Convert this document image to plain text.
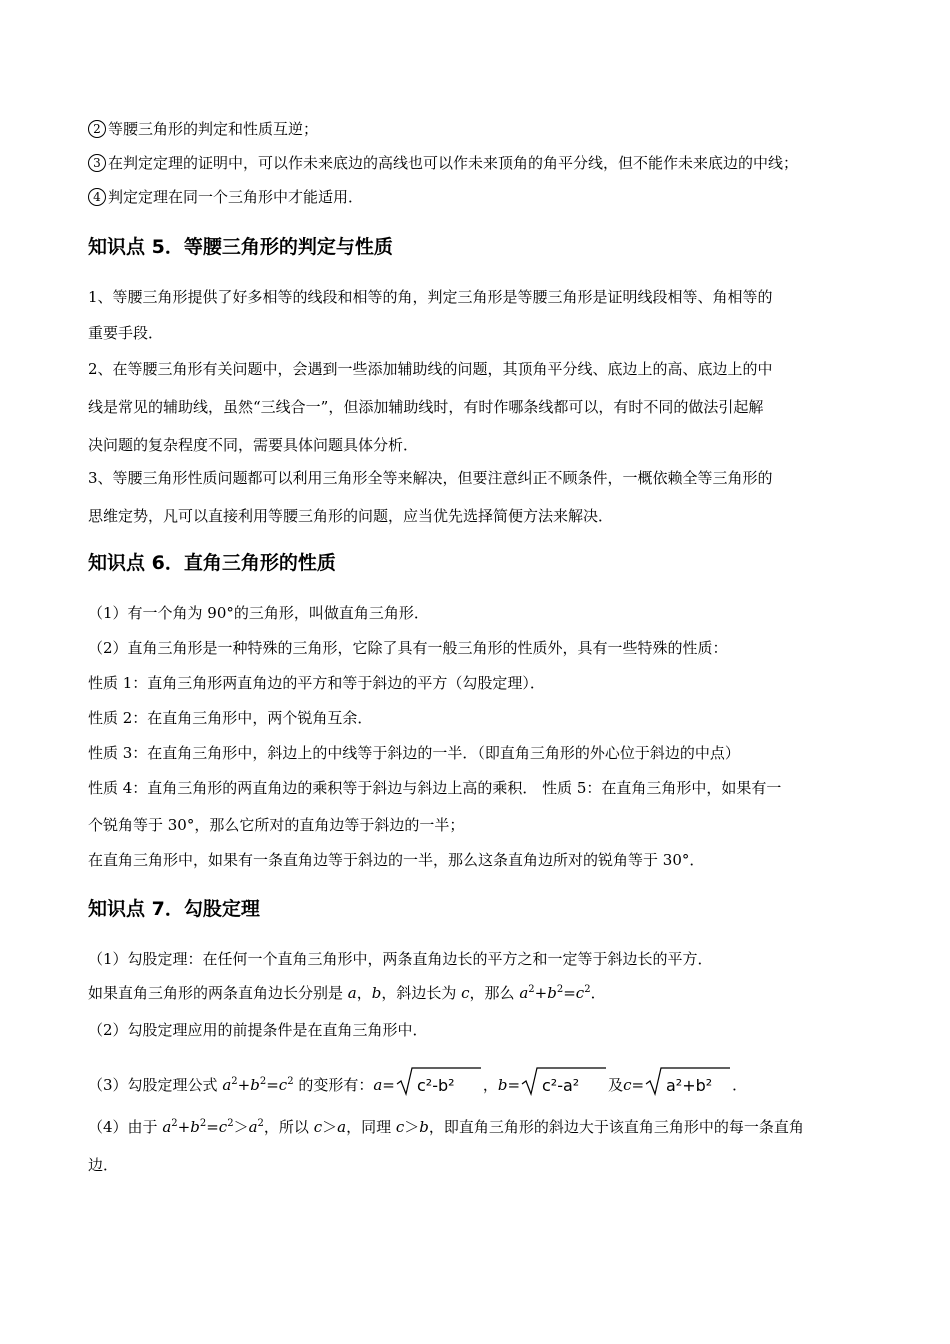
2 等腰三角形的判定和性质互逆；
3 在判定定理的证明中，可以作未来底边的高线也可以作未来顶角的角平分线，但不能作未来底边的中线；
4 判定定理在同一个三角形中才能适用．
知识点 5．等腰三角形的判定与性质
1、等腰三角形提供了好多相等的线段和相等的角，判定三角形是等腰三角形是证明线段相等、角相等的
重要手段．
2、在等腰三角形有关问题中，会遇到一些添加辅助线的问题，其顶角平分线、底边上的高、底边上的中
线是常见的辅助线，虽然“三线合一”，但添加辅助线时，有时作哪条线都可以，有时不同的做法引起解
决问题的复杂程度不同，需要具体问题具体分析．
3、等腰三角形性质问题都可以利用三角形全等来解决，但要注意纠正不顾条件，一概依赖全等三角形的
思维定势，凡可以直接利用等腰三角形的问题，应当优先选择简便方法来解决．
知识点 6．直角三角形的性质
（1）有一个角为 90°的三角形，叫做直角三角形．
（2）直角三角形是一种特殊的三角形，它除了具有一般三角形的性质外，具有一些特殊的性质：
性质 1：直角三角形两直角边的平方和等于斜边的平方（勾股定理）．
性质 2：在直角三角形中，两个锐角互余．
性质 3：在直角三角形中，斜边上的中线等于斜边的一半．（即直角三角形的外心位于斜边的中点）
性质 4：直角三角形的两直角边的乘积等于斜边与斜边上高的乘积． 性质 5：在直角三角形中，如果有一
个锐角等于 30°，那么它所对的直角边等于斜边的一半；
在直角三角形中，如果有一条直角边等于斜边的一半，那么这条直角边所对的锐角等于 30°．
知识点 7．勾股定理
（1）勾股定理：在任何一个直角三角形中，两条直角边长的平方之和一定等于斜边长的平方．
如果直角三角形的两条直角边长分别是 a，b，斜边长为 c，那么 $a^2+b^2=c^2$．
（2）勾股定理应用的前提条件是在直角三角形中．
（3）勾股定理公式 $a^2+b^2=c^2$ 的变形有：a= c²-b² ，b= c²-a² 及c= a²+b² ．
（4）由于 $a^2+b^2=c^2>a^2$，所以 c＞a，同理 c＞b，即直角三角形的斜边大于该直角三角形中的每一条直角
边．
